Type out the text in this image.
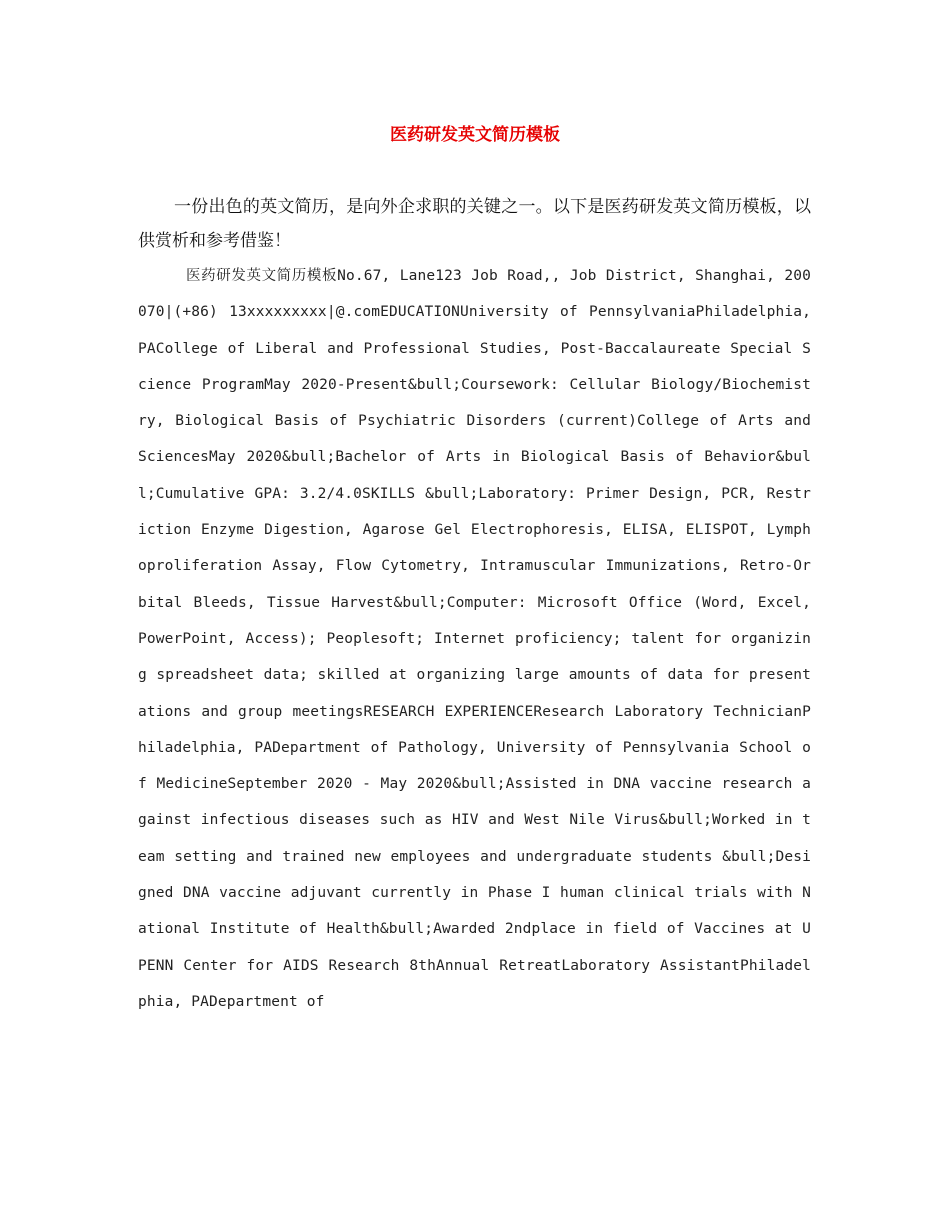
医药研发英文简历模板

一份出色的英文简历，是向外企求职的关键之一。以下是医药研发英文简历模板，以供赏析和参考借鉴！

医药研发英文简历模板No.67, Lane123 Job Road,, Job District, Shanghai, 200070|(+86) 13xxxxxxxxx|@.comEDUCATIONUniversity of PennsylvaniaPhiladelphia, PACollege of Liberal and Professional Studies, Post-Baccalaureate Special Science ProgramMay 2020-Present&bull;Coursework: Cellular Biology/Biochemistry, Biological Basis of Psychiatric Disorders (current)College of Arts and SciencesMay 2020&bull;Bachelor of Arts in Biological Basis of Behavior&bull;Cumulative GPA: 3.2/4.0SKILLS &bull;Laboratory: Primer Design, PCR, Restriction Enzyme Digestion, Agarose Gel Electrophoresis, ELISA, ELISPOT, Lymphoproliferation Assay, Flow Cytometry, Intramuscular Immunizations, Retro-Orbital Bleeds, Tissue Harvest&bull;Computer: Microsoft Office (Word, Excel, PowerPoint, Access); Peoplesoft; Internet proficiency; talent for organizing spreadsheet data; skilled at organizing large amounts of data for presentations and group meetingsRESEARCH EXPERIENCEResearch Laboratory TechnicianPhiladelphia, PADepartment of Pathology, University of Pennsylvania School of MedicineSeptember 2020 - May 2020&bull;Assisted in DNA vaccine research against infectious diseases such as HIV and West Nile Virus&bull;Worked in team setting and trained new employees and undergraduate students &bull;Designed DNA vaccine adjuvant currently in Phase I human clinical trials with National Institute of Health&bull;Awarded 2ndplace in field of Vaccines at UPENN Center for AIDS Research 8thAnnual RetreatLaboratory AssistantPhiladelphia, PADepartment of
